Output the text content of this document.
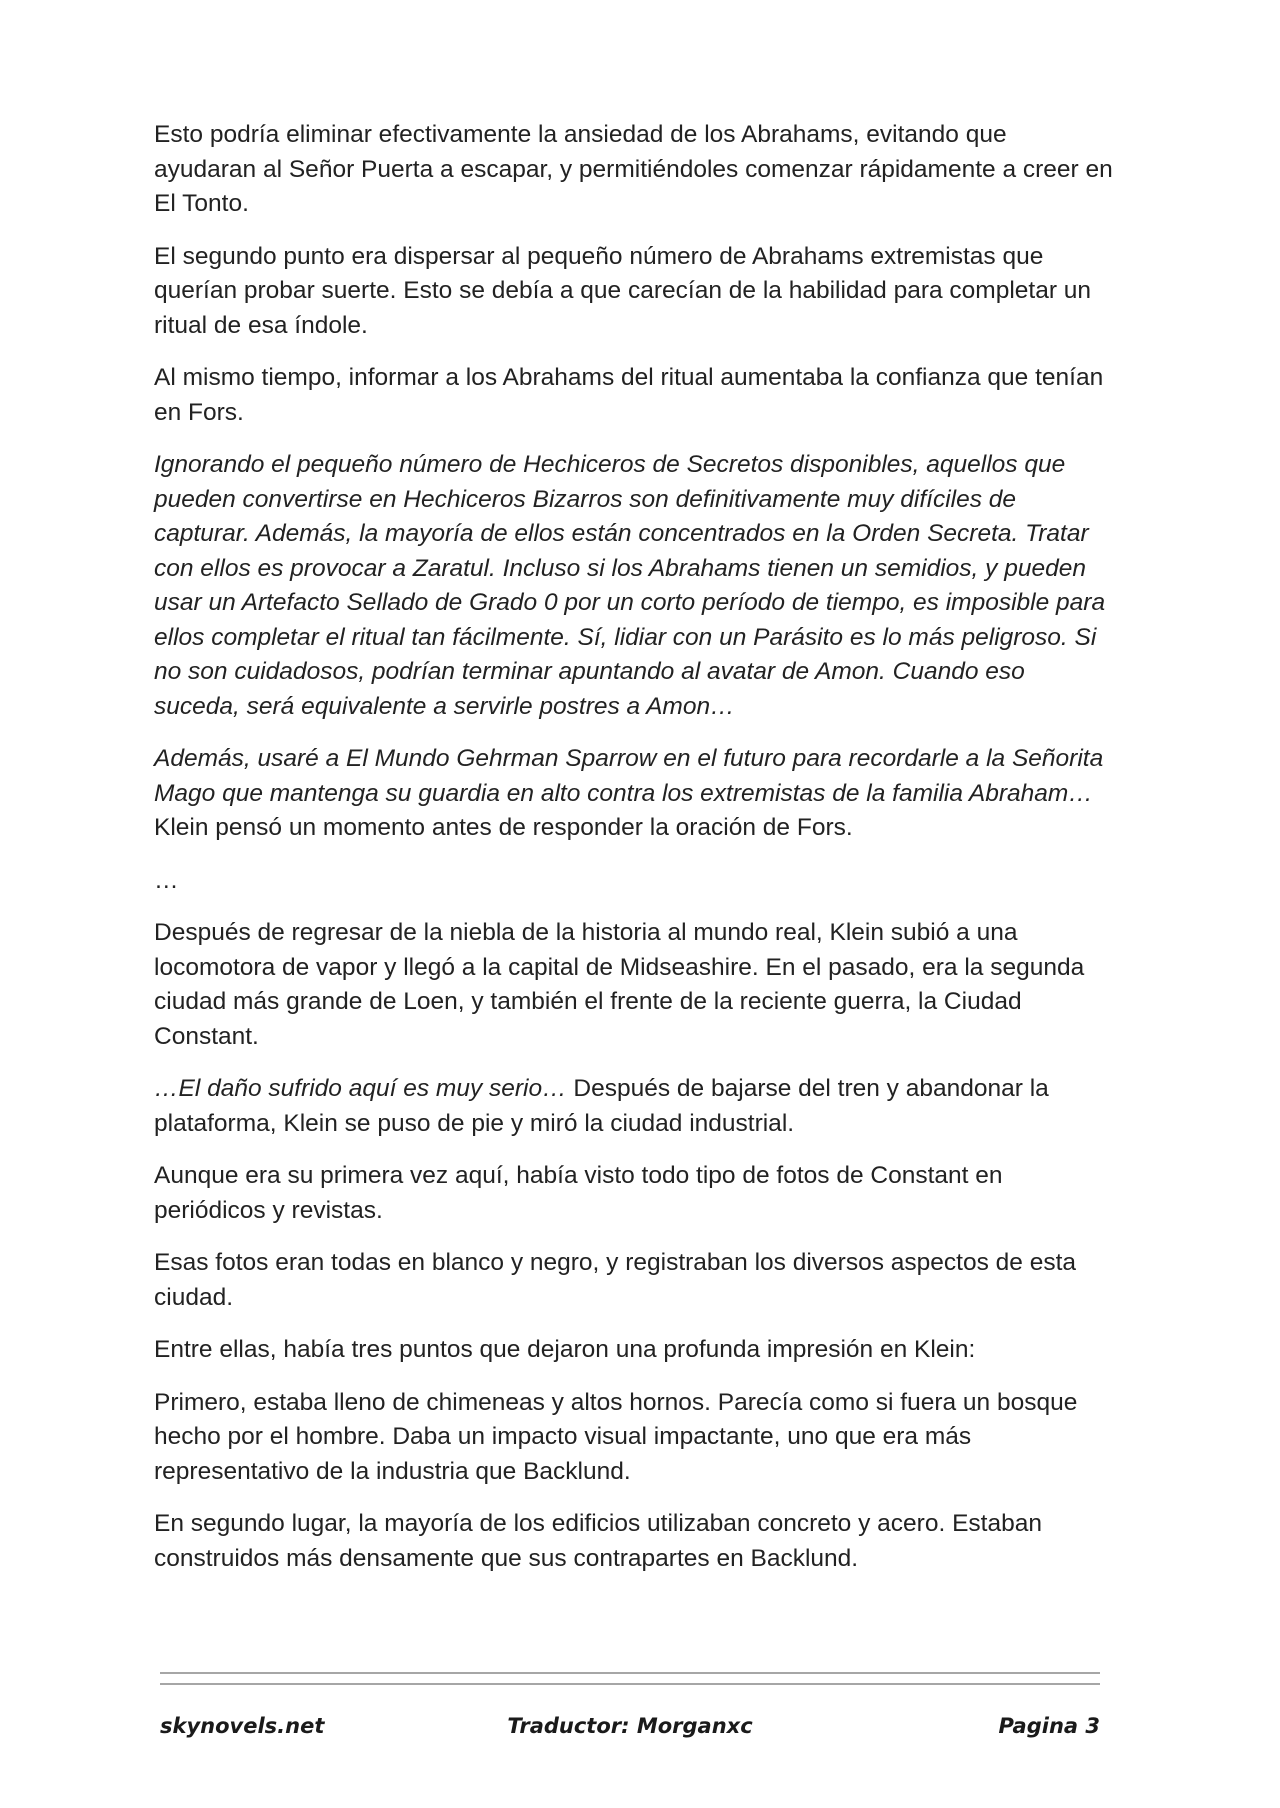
Esto podría eliminar efectivamente la ansiedad de los Abrahams, evitando que ayudaran al Señor Puerta a escapar, y permitiéndoles comenzar rápidamente a creer en El Tonto.

El segundo punto era dispersar al pequeño número de Abrahams extremistas que querían probar suerte. Esto se debía a que carecían de la habilidad para completar un ritual de esa índole.

Al mismo tiempo, informar a los Abrahams del ritual aumentaba la confianza que tenían en Fors.

Ignorando el pequeño número de Hechiceros de Secretos disponibles, aquellos que pueden convertirse en Hechiceros Bizarros son definitivamente muy difíciles de capturar. Además, la mayoría de ellos están concentrados en la Orden Secreta. Tratar con ellos es provocar a Zaratul. Incluso si los Abrahams tienen un semidios, y pueden usar un Artefacto Sellado de Grado 0 por un corto período de tiempo, es imposible para ellos completar el ritual tan fácilmente. Sí, lidiar con un Parásito es lo más peligroso. Si no son cuidadosos, podrían terminar apuntando al avatar de Amon. Cuando eso suceda, será equivalente a servirle postres a Amon…

Además, usaré a El Mundo Gehrman Sparrow en el futuro para recordarle a la Señorita Mago que mantenga su guardia en alto contra los extremistas de la familia Abraham… Klein pensó un momento antes de responder la oración de Fors.

…

Después de regresar de la niebla de la historia al mundo real, Klein subió a una locomotora de vapor y llegó a la capital de Midseashire. En el pasado, era la segunda ciudad más grande de Loen, y también el frente de la reciente guerra, la Ciudad Constant.

…El daño sufrido aquí es muy serio… Después de bajarse del tren y abandonar la plataforma, Klein se puso de pie y miró la ciudad industrial.

Aunque era su primera vez aquí, había visto todo tipo de fotos de Constant en periódicos y revistas.

Esas fotos eran todas en blanco y negro, y registraban los diversos aspectos de esta ciudad.

Entre ellas, había tres puntos que dejaron una profunda impresión en Klein:

Primero, estaba lleno de chimeneas y altos hornos. Parecía como si fuera un bosque hecho por el hombre. Daba un impacto visual impactante, uno que era más representativo de la industria que Backlund.

En segundo lugar, la mayoría de los edificios utilizaban concreto y acero. Estaban construidos más densamente que sus contrapartes en Backlund.

skynovels.net	Traductor: Morganxc	Pagina 3
